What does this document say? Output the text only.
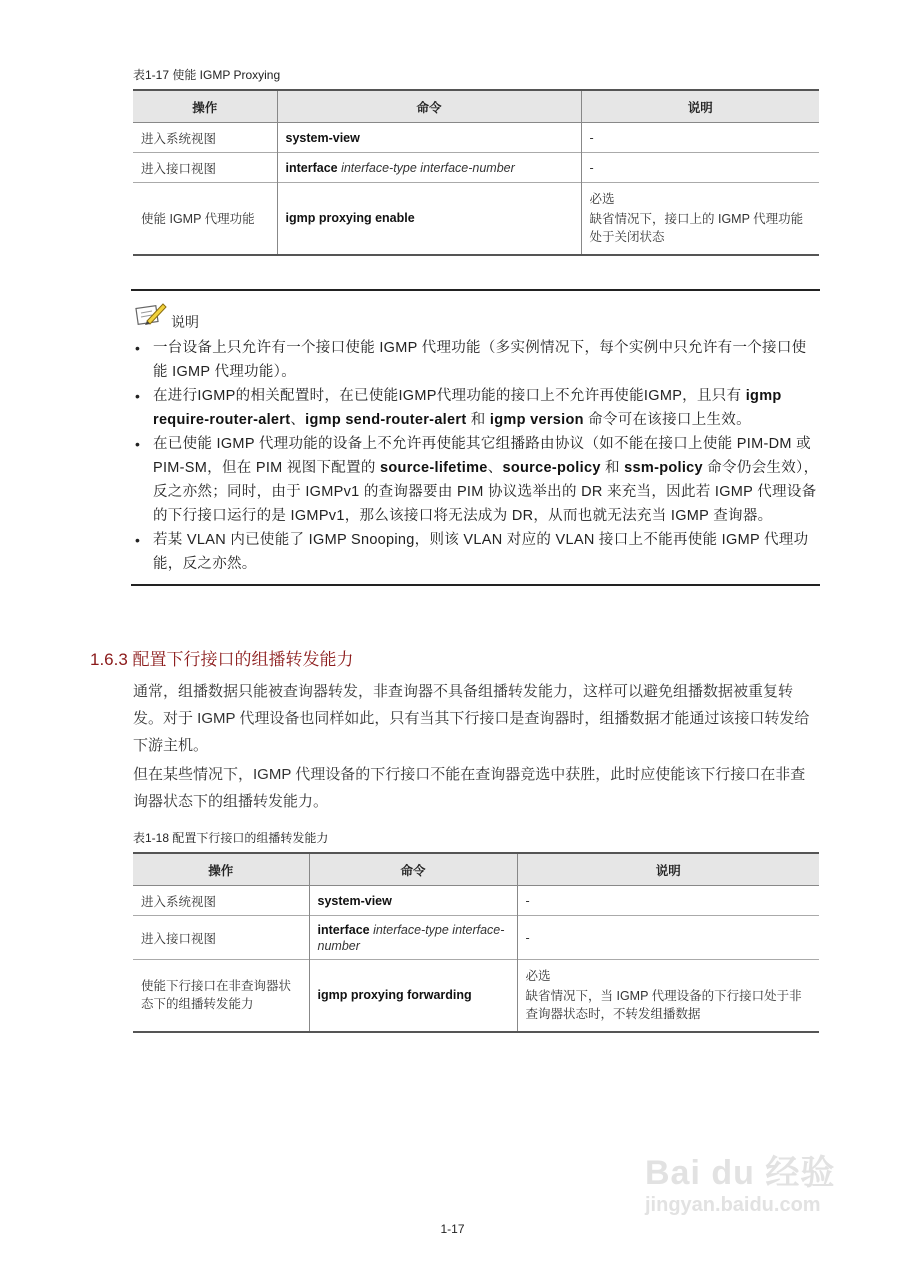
表1-17 使能 IGMP Proxying
操作	命令	说明
进入系统视图	system-view	-
进入接口视图	interface interface-type interface-number	-
使能 IGMP 代理功能	igmp proxying enable	必选

缺省情况下，接口上的 IGMP 代理功能处于关闭状态

说明
• 一台设备上只允许有一个接口使能 IGMP 代理功能（多实例情况下，每个实例中只允许有一个接口使能 IGMP 代理功能）。
• 在进行IGMP的相关配置时，在已使能IGMP代理功能的接口上不允许再使能IGMP，且只有 igmp require-router-alert、igmp send-router-alert 和 igmp version 命令可在该接口上生效。
• 在已使能 IGMP 代理功能的设备上不允许再使能其它组播路由协议（如不能在接口上使能 PIM-DM 或 PIM-SM，但在 PIM 视图下配置的 source-lifetime、source-policy 和 ssm-policy 命令仍会生效），反之亦然；同时，由于 IGMPv1 的查询器要由 PIM 协议选举出的 DR 来充当，因此若 IGMP 代理设备的下行接口运行的是 IGMPv1，那么该接口将无法成为 DR，从而也就无法充当 IGMP 查询器。
• 若某 VLAN 内已使能了 IGMP Snooping，则该 VLAN 对应的 VLAN 接口上不能再使能 IGMP 代理功能，反之亦然。
1.6.3 配置下行接口的组播转发能力
通常，组播数据只能被查询器转发，非查询器不具备组播转发能力，这样可以避免组播数据被重复转发。对于 IGMP 代理设备也同样如此，只有当其下行接口是查询器时，组播数据才能通过该接口转发给下游主机。
但在某些情况下，IGMP 代理设备的下行接口不能在查询器竞选中获胜，此时应使能该下行接口在非查询器状态下的组播转发能力。
表1-18 配置下行接口的组播转发能力
操作	命令	说明
进入系统视图	system-view	-
进入接口视图	interface interface-type interface-number	-
使能下行接口在非查询器状态下的组播转发能力	igmp proxying forwarding	必选

缺省情况下，当 IGMP 代理设备的下行接口处于非查询器状态时，不转发组播数据

Bai du 经验
jingyan.baidu.com
1-17
